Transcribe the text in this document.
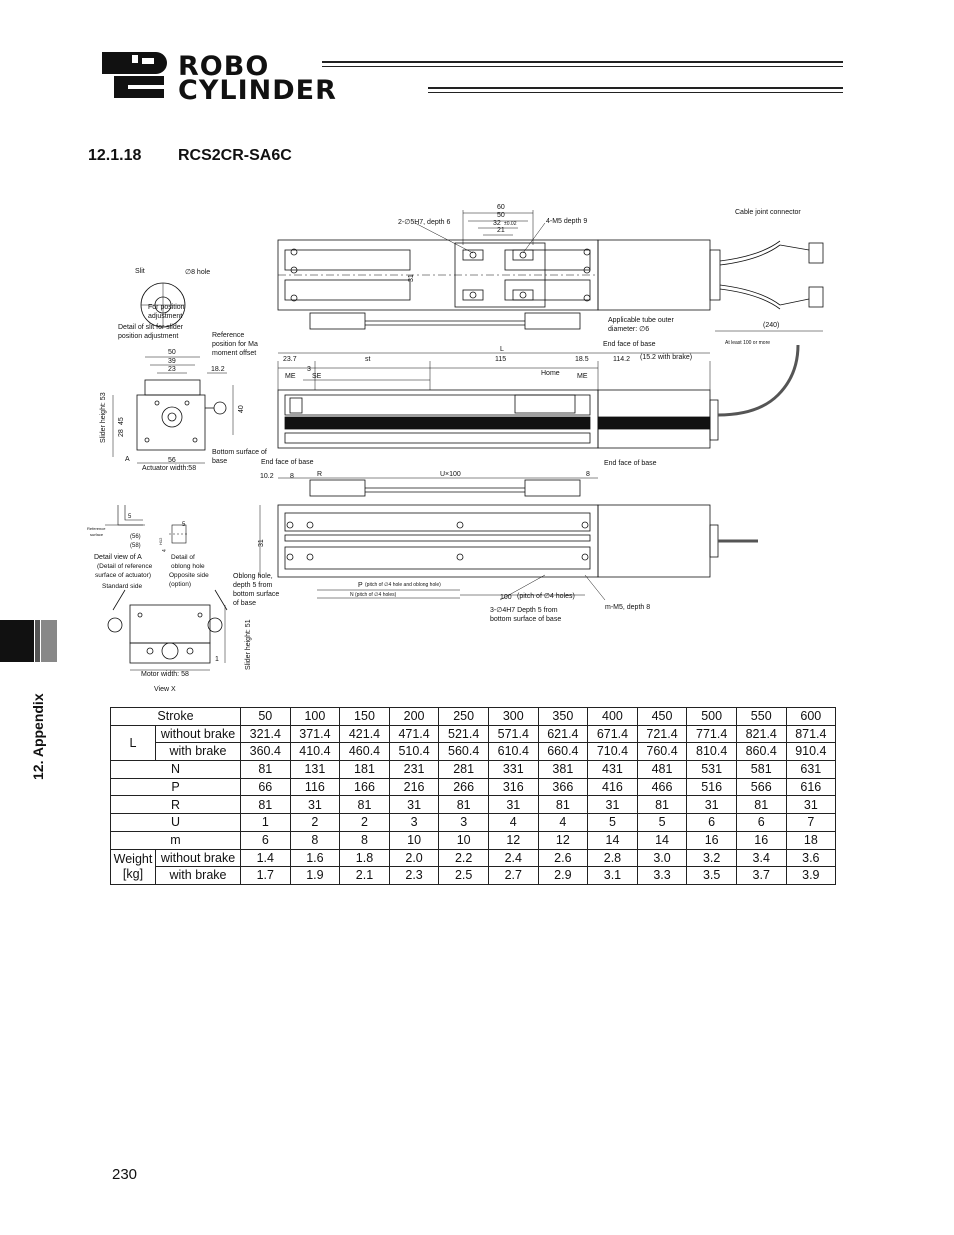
ROBO
CYLINDER
12.1.18 RCS2CR-SA6C
12. Appendix
60
50
32 ±0.02
21
31
2-∅5H7, depth 6	4-M5 depth 9
Cable joint connector
Applicable tube outer
diameter: ∅6
End face of base
(240)
At least 100 or more
Slit	∅8 hole
For position
adjustment
Detail of slit for slider
position adjustment	Reference
position for Ma
moment offset
50
39
23	18.2
40
Slider height: 53 45
28
A	56
Actuator width:58
Bottom surface of
base
23.7
3
ME SE
st
L
115	18.5	114.2 (15.2 with brake)
Home ME
10.2 8	R	U×100	8
End face of base	End face of base
31
P (pitch of ∅4 hole and oblong hole)
N (pitch of ∅4 holes)	100 (pitch of ∅4 holes)
3-∅4H7 Depth 5 from
bottom surface of base
m-M5, depth 8
Oblong hole,
depth 5 from
bottom surface
of base
5
(56)
(58)
Reference
surface
5
4
H12
Detail view of A
(Detail of reference
surface of actuator)
Standard side
Detail of
oblong hole
Opposite side
(option)
Slider height: 51
1
Motor width: 58
View X
Stroke		50	100	150	200	250	300	350	400	450	500	550	600
L	without brake	321.4	371.4	421.4	471.4	521.4	571.4	621.4	671.4	721.4	771.4	821.4	871.4
	with brake	360.4	410.4	460.4	510.4	560.4	610.4	660.4	710.4	760.4	810.4	860.4	910.4
N		81	131	181	231	281	331	381	431	481	531	581	631
P		66	116	166	216	266	316	366	416	466	516	566	616
R		81	31	81	31	81	31	81	31	81	31	81	31
U		1	2	2	3	3	4	4	5	5	6	6	7
m		6	8	8	10	10	12	12	14	14	16	16	18

Weight
[kg]	without brake	1.4	1.6	1.8	2.0	2.2	2.4	2.6	2.8	3.0	3.2	3.4	3.6
	with brake	1.7	1.9	2.1	2.3	2.5	2.7	2.9	3.1	3.3	3.5	3.7	3.9
230
